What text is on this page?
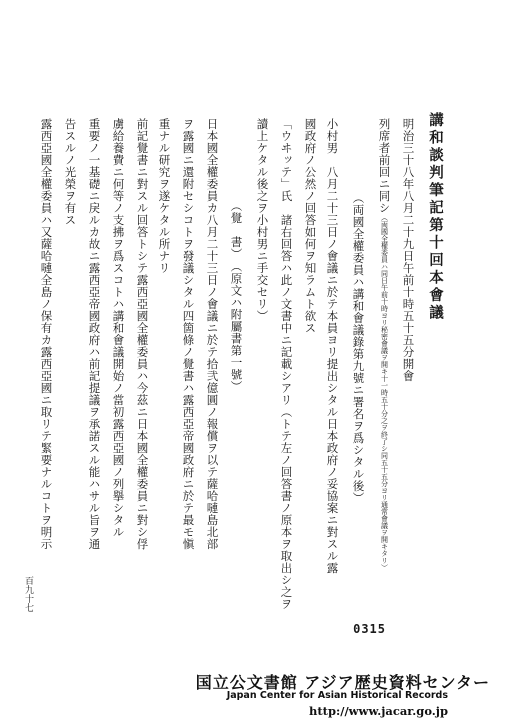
講和談判筆記第十回本會議
明治三十八年八月二十九日午前十時五十五分開會
列席者前回ニ同シ（両國全權委員ハ同日午前十時ヨリ秘密會議ヲ開キ十一時五十分之ヲ終了シ同五十五分ヨリ通常會議ヲ開キタリ）
（両國全權委員ハ講和會議錄第九號ニ署名ヲ爲シタル後）
小村男　八月二十三日ノ會議ニ於テ本員ヨリ提出シタル日本政府ノ妥協案ニ對スル露
國政府ノ公然ノ回答如何ヲ知ラムト欲ス
「ウヰッテ」氏　諸右回答ハ此ノ文書中ニ記載シアリ（トテ左ノ回答書ノ原本ヲ取出シ之ヲ
讀上ケタル後之ヲ小村男ニ手交セリ）
（覺　書）　（原文ハ附屬書第一號）
日本國全權委員カ八月二十三日ノ會議ニ於テ拾弐億圓ノ報償ヲ以テ薩哈嗹島北部
ヲ露國ニ還附セシコトヲ發議シタル四箇條ノ覺書ハ露西亞帝國政府ニ於テ最モ愼
重ナル研究ヲ遂ケタル所ナリ
前記覺書ニ對スル回答トシテ露西亞國全權委員ハ今茲ニ日本國全權委員ニ對シ俘
虜給養費ニ何等ノ支拂ヲ爲スコトハ講和會議開始ノ當初露西亞國ノ列擧シタル
重要ノ一基礎ニ戾ルカ故ニ露西亞帝國政府ハ前記提議ヲ承諾スル能ハサル旨ヲ通
告スルノ光榮ヲ有ス
露西亞國全權委員ハ又薩哈嗹全島ノ保有カ露西亞國ニ取リテ緊要ナルコトヲ明示
百九十七
0315
国立公文書館 アジア歴史資料センター
Japan Center for Asian Historical Records
http://www.jacar.go.jp
